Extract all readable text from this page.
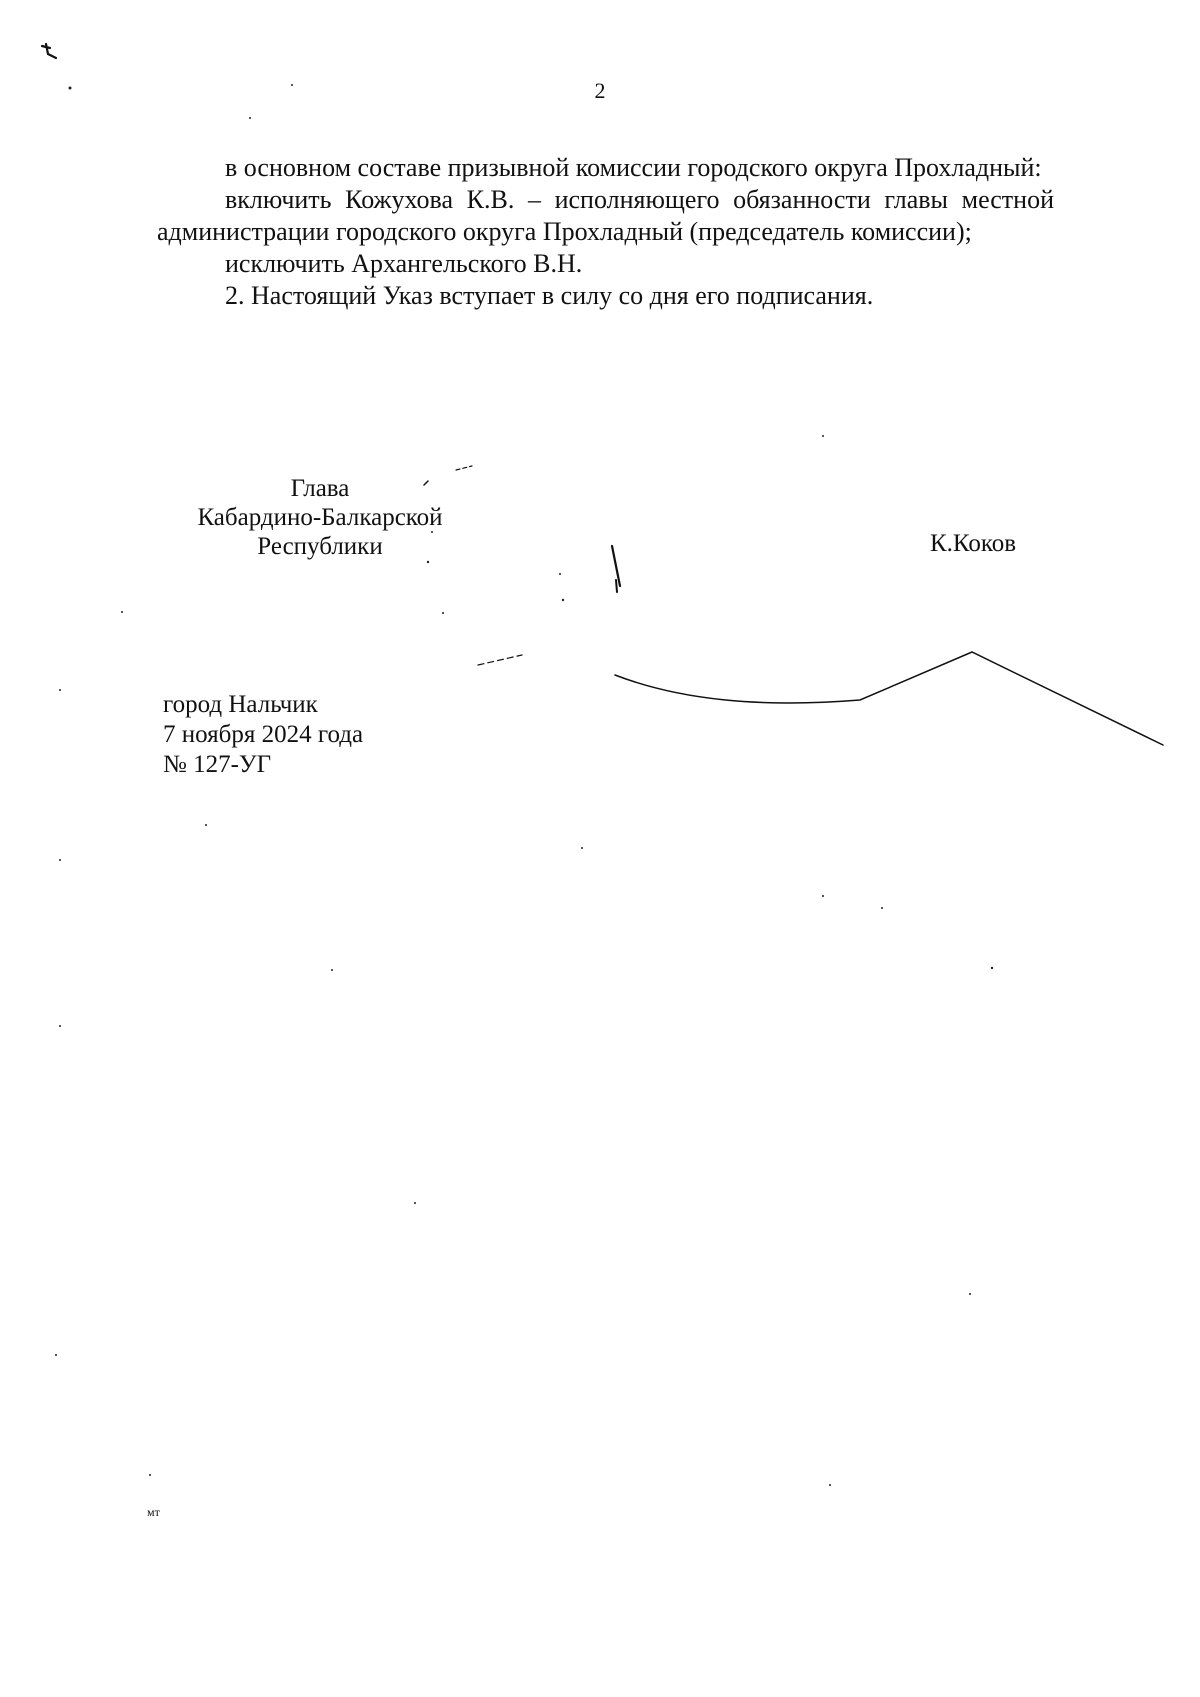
2

в основном составе призывной комиссии городского округа Прохладный:

включить Кожухова К.В. – исполняющего обязанности главы местной администрации городского округа Прохладный (председатель комиссии);

исключить Архангельского В.Н.

2. Настоящий Указ вступает в силу со дня его подписания.

Глава
Кабардино-Балкарской
Республики	К.Коков
город Нальчик
7 ноября 2024 года
№ 127-УГ
мт
